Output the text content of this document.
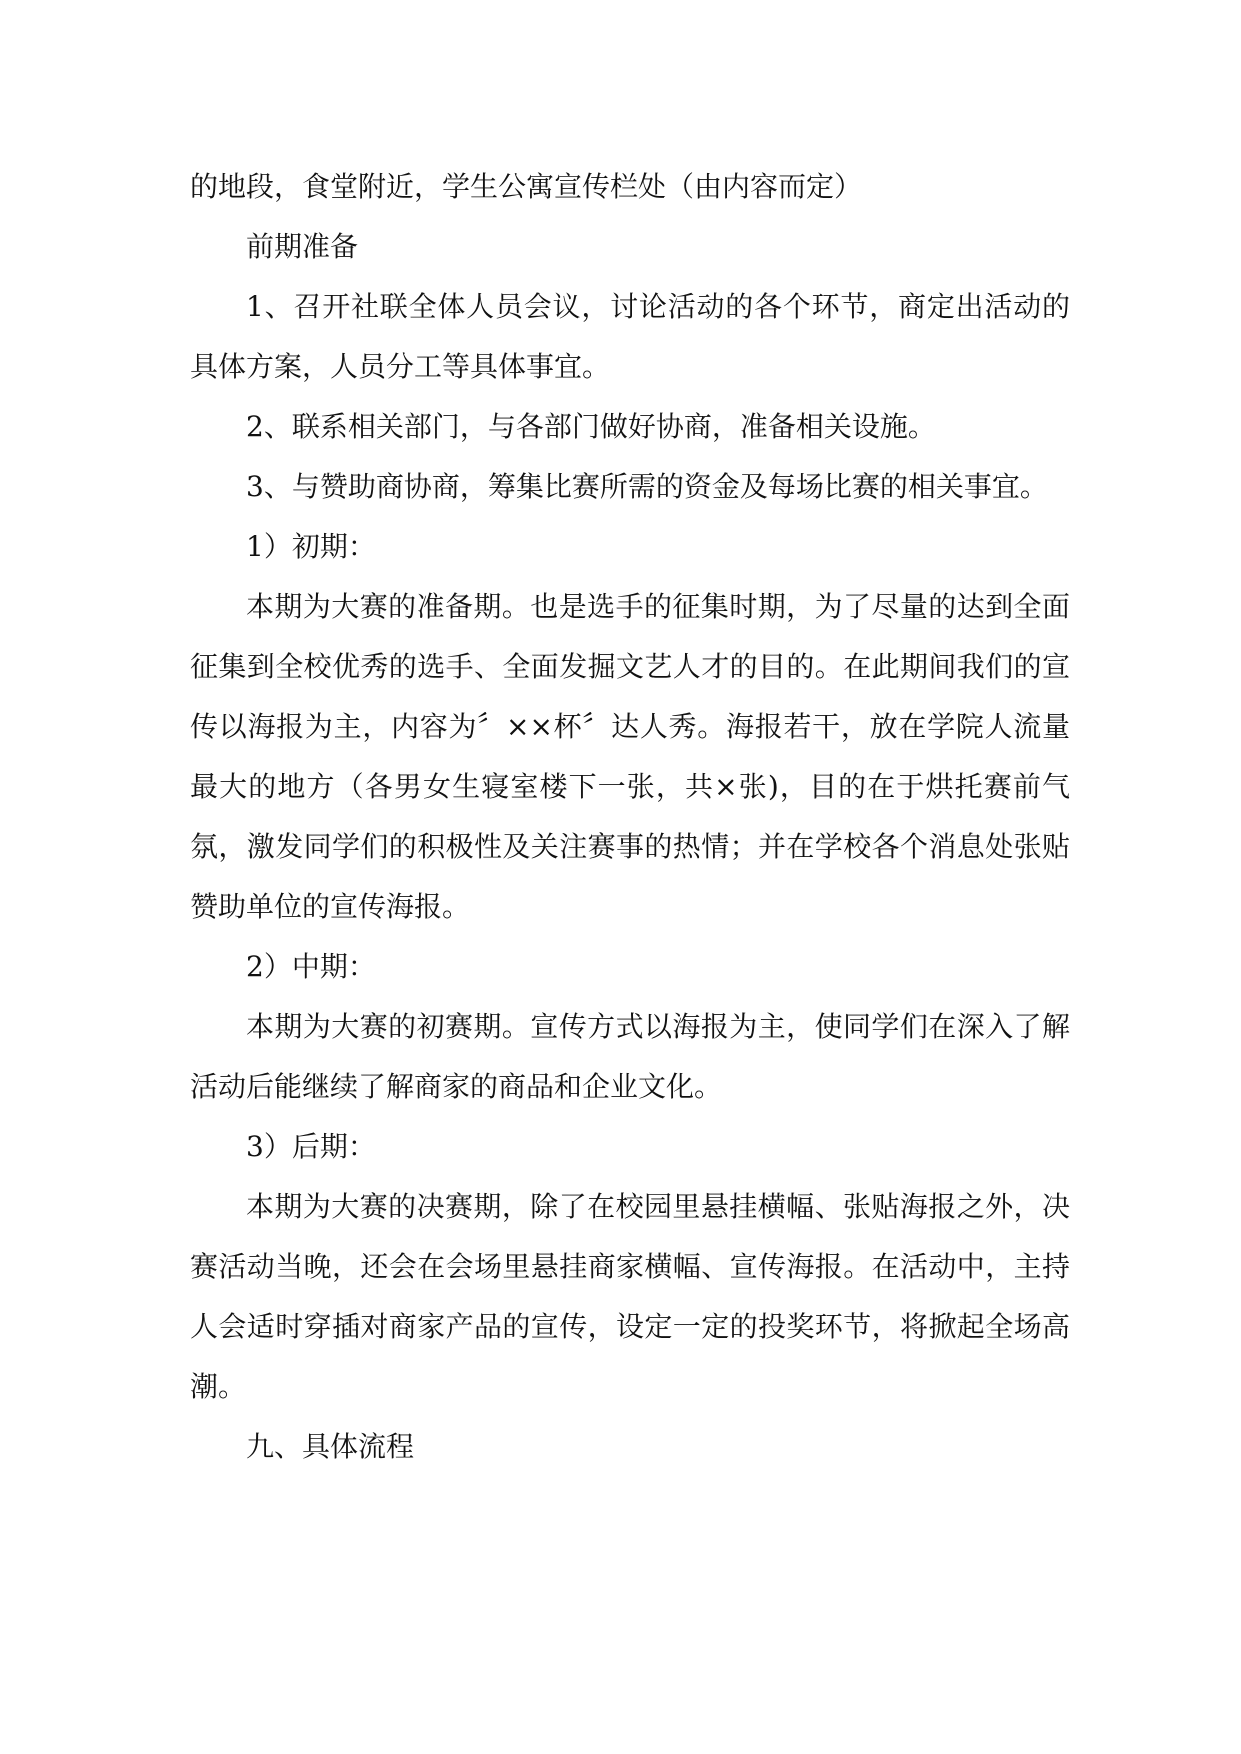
的地段，食堂附近，学生公寓宣传栏处（由内容而定）

前期准备

1、召开社联全体人员会议，讨论活动的各个环节，商定出活动的具体方案，人员分工等具体事宜。

2、联系相关部门，与各部门做好协商，准备相关设施。

3、与赞助商协商，筹集比赛所需的资金及每场比赛的相关事宜。

1）初期：

本期为大赛的准备期。也是选手的征集时期，为了尽量的达到全面征集到全校优秀的选手、全面发掘文艺人才的目的。在此期间我们的宣传以海报为主，内容为〞××杯〞达人秀。海报若干，放在学院人流量最大的地方（各男女生寝室楼下一张，共×张)，目的在于烘托赛前气氛，激发同学们的积极性及关注赛事的热情；并在学校各个消息处张贴赞助单位的宣传海报。

2）中期：

本期为大赛的初赛期。宣传方式以海报为主，使同学们在深入了解活动后能继续了解商家的商品和企业文化。

3）后期：

本期为大赛的决赛期，除了在校园里悬挂横幅、张贴海报之外，决赛活动当晚，还会在会场里悬挂商家横幅、宣传海报。在活动中，主持人会适时穿插对商家产品的宣传，设定一定的投奖环节，将掀起全场高潮。

九、具体流程
